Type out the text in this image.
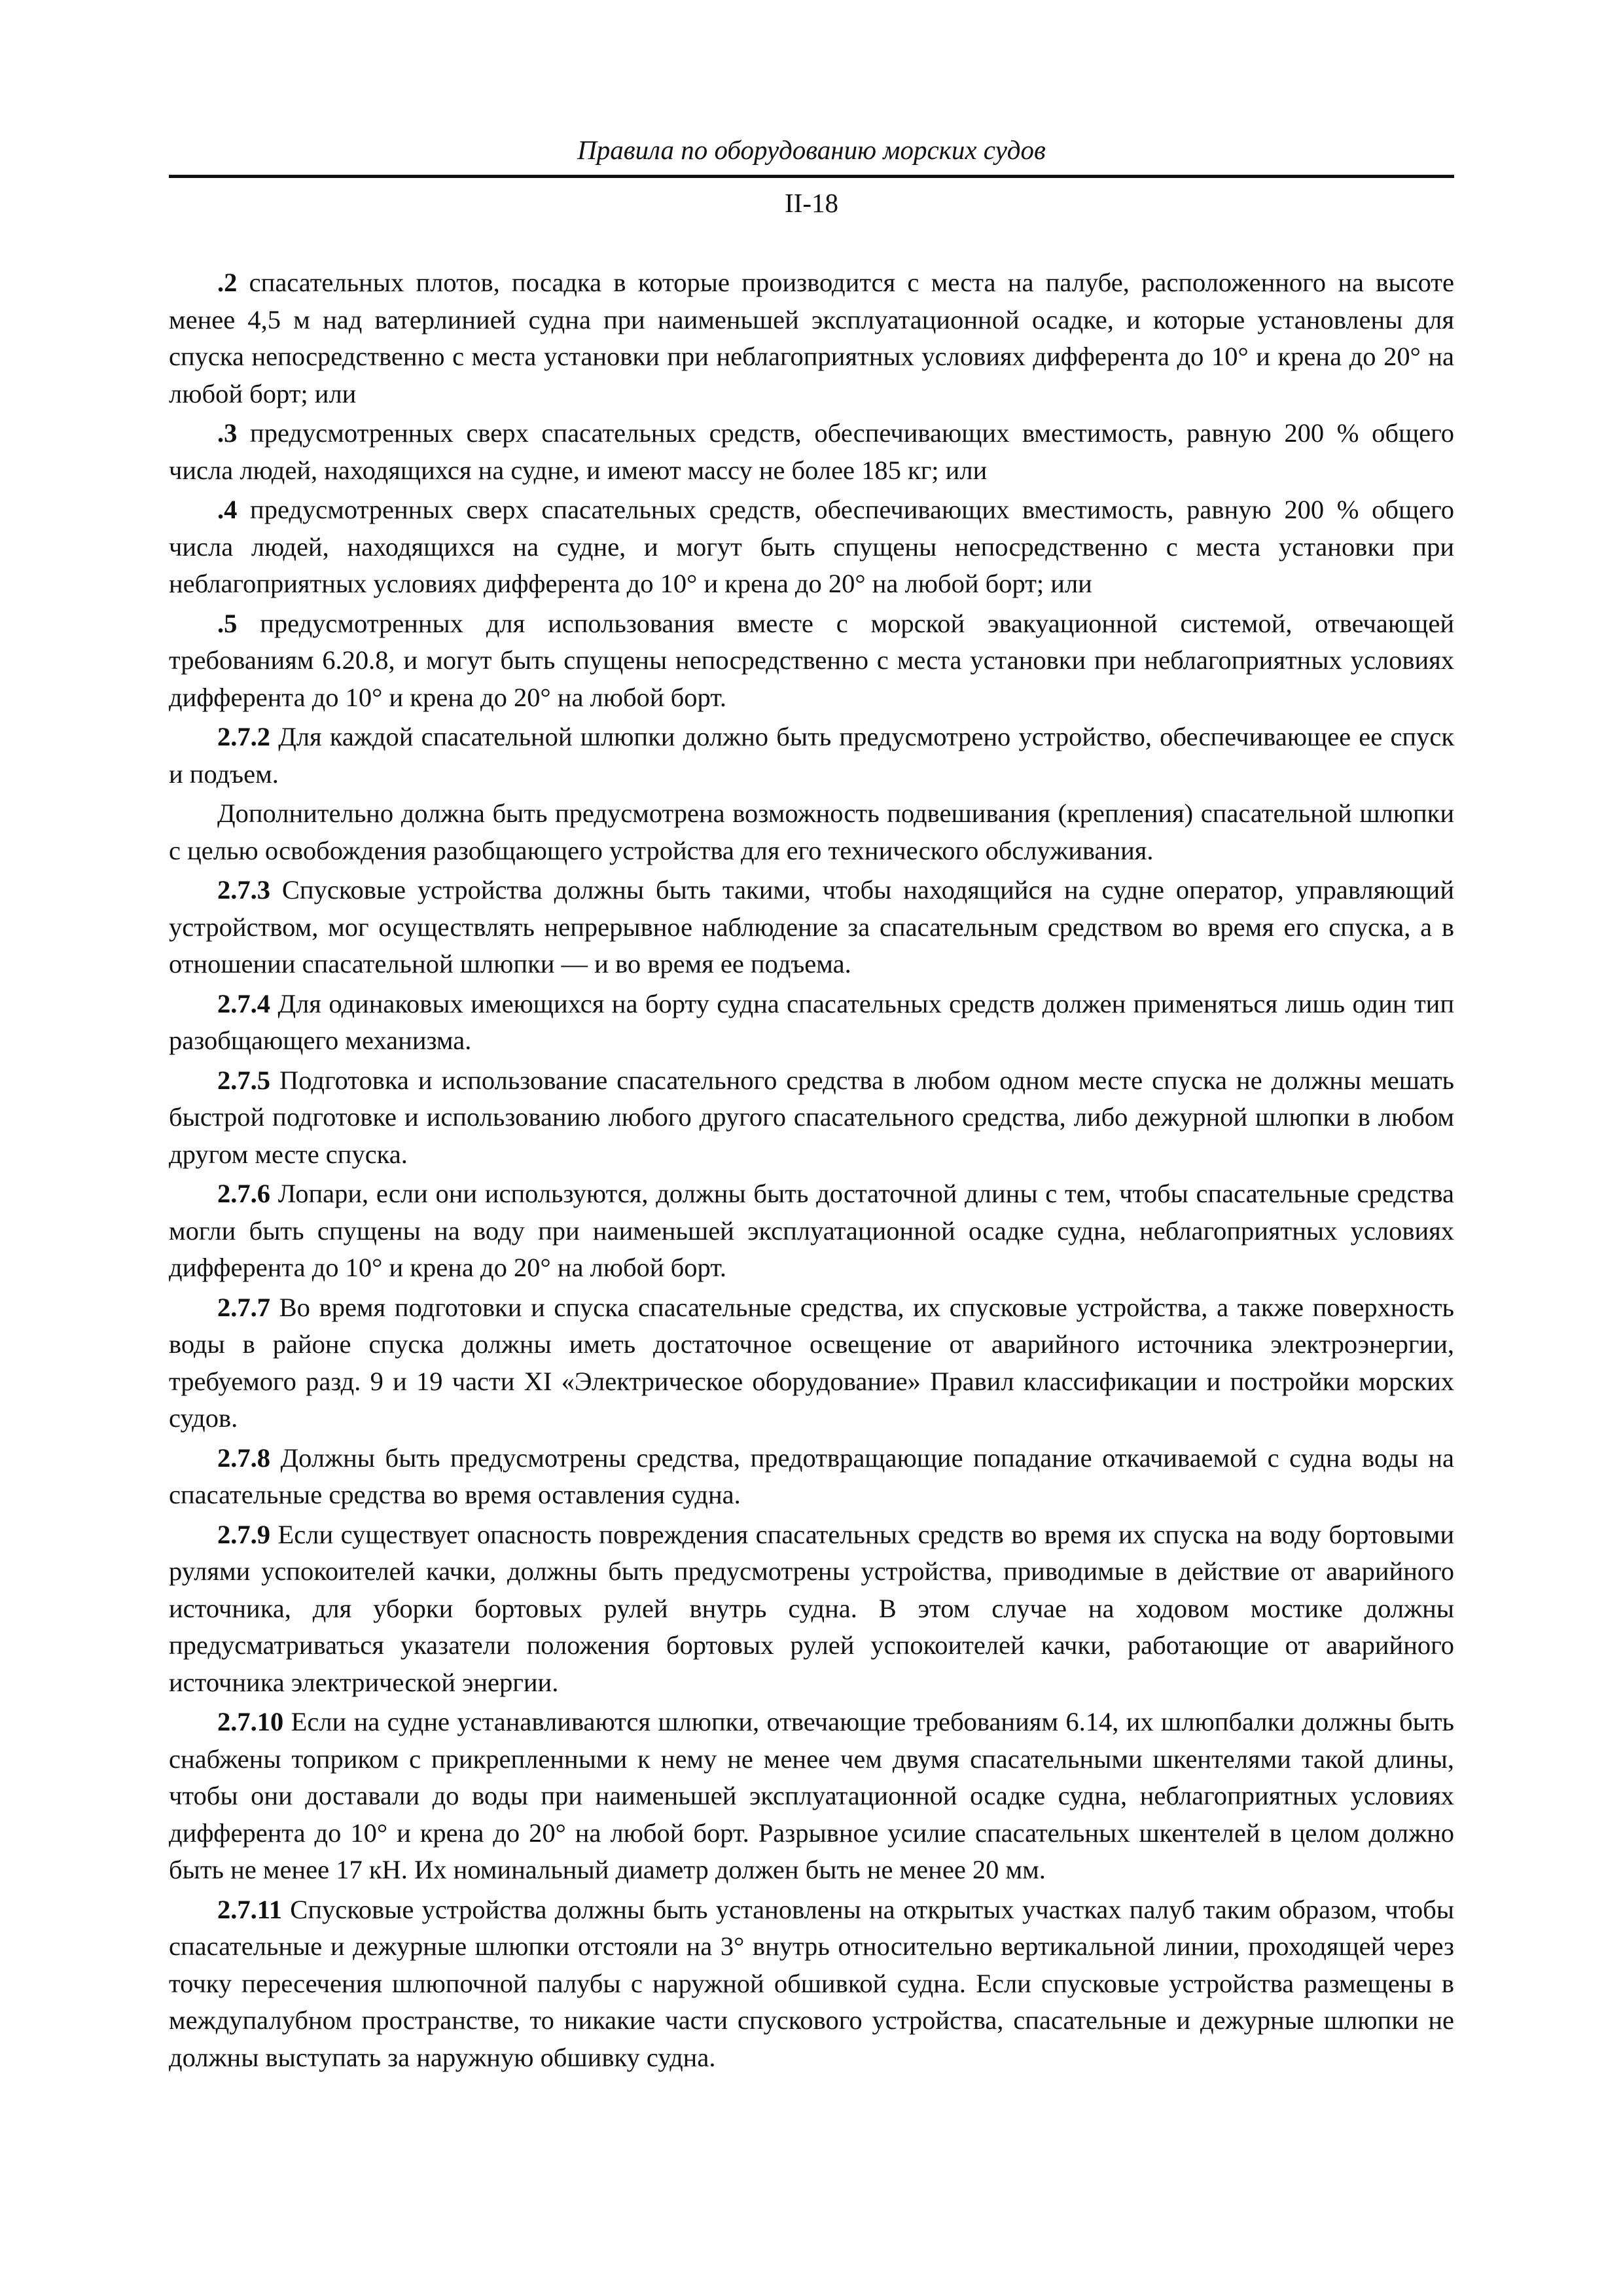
Правила по оборудованию морских судов
II-18

.2 спасательных плотов, посадка в которые производится с места на палубе, расположенного на высоте менее 4,5 м над ватерлинией судна при наименьшей эксплуатационной осадке, и которые установлены для спуска непосредственно с места установки при неблагоприятных условиях дифферента до 10° и крена до 20° на любой борт; или

.3 предусмотренных сверх спасательных средств, обеспечивающих вместимость, равную 200 % общего числа людей, находящихся на судне, и имеют массу не более 185 кг; или

.4 предусмотренных сверх спасательных средств, обеспечивающих вместимость, равную 200 % общего числа людей, находящихся на судне, и могут быть спущены непосредственно с места установки при неблагоприятных условиях дифферента до 10° и крена до 20° на любой борт; или

.5 предусмотренных для использования вместе с морской эвакуационной системой, отвечающей требованиям 6.20.8, и могут быть спущены непосредственно с места установки при неблагоприятных условиях дифферента до 10° и крена до 20° на любой борт.

2.7.2 Для каждой спасательной шлюпки должно быть предусмотрено устройство, обеспечивающее ее спуск и подъем.

Дополнительно должна быть предусмотрена возможность подвешивания (крепления) спасательной шлюпки с целью освобождения разобщающего устройства для его технического обслуживания.

2.7.3 Спусковые устройства должны быть такими, чтобы находящийся на судне оператор, управляющий устройством, мог осуществлять непрерывное наблюдение за спасательным средством во время его спуска, а в отношении спасательной шлюпки — и во время ее подъема.

2.7.4 Для одинаковых имеющихся на борту судна спасательных средств должен применяться лишь один тип разобщающего механизма.

2.7.5 Подготовка и использование спасательного средства в любом одном месте спуска не должны мешать быстрой подготовке и использованию любого другого спасательного средства, либо дежурной шлюпки в любом другом месте спуска.

2.7.6 Лопари, если они используются, должны быть достаточной длины с тем, чтобы спасательные средства могли быть спущены на воду при наименьшей эксплуатационной осадке судна, неблагоприятных условиях дифферента до 10° и крена до 20° на любой борт.

2.7.7 Во время подготовки и спуска спасательные средства, их спусковые устройства, а также поверхность воды в районе спуска должны иметь достаточное освещение от аварийного источника электроэнергии, требуемого разд. 9 и 19 части XI «Электрическое оборудование» Правил классификации и постройки морских судов.

2.7.8 Должны быть предусмотрены средства, предотвращающие попадание откачиваемой с судна воды на спасательные средства во время оставления судна.

2.7.9 Если существует опасность повреждения спасательных средств во время их спуска на воду бортовыми рулями успокоителей качки, должны быть предусмотрены устройства, приводимые в действие от аварийного источника, для уборки бортовых рулей внутрь судна. В этом случае на ходовом мостике должны предусматриваться указатели положения бортовых рулей успокоителей качки, работающие от аварийного источника электрической энергии.

2.7.10 Если на судне устанавливаются шлюпки, отвечающие требованиям 6.14, их шлюпбалки должны быть снабжены топриком с прикрепленными к нему не менее чем двумя спасательными шкентелями такой длины, чтобы они доставали до воды при наименьшей эксплуатационной осадке судна, неблагоприятных условиях дифферента до 10° и крена до 20° на любой борт. Разрывное усилие спасательных шкентелей в целом должно быть не менее 17 кН. Их номинальный диаметр должен быть не менее 20 мм.

2.7.11 Спусковые устройства должны быть установлены на открытых участках палуб таким образом, чтобы спасательные и дежурные шлюпки отстояли на 3° внутрь относительно вертикальной линии, проходящей через точку пересечения шлюпочной палубы с наружной обшивкой судна. Если спусковые устройства размещены в междупалубном пространстве, то никакие части спускового устройства, спасательные и дежурные шлюпки не должны выступать за наружную обшивку судна.
